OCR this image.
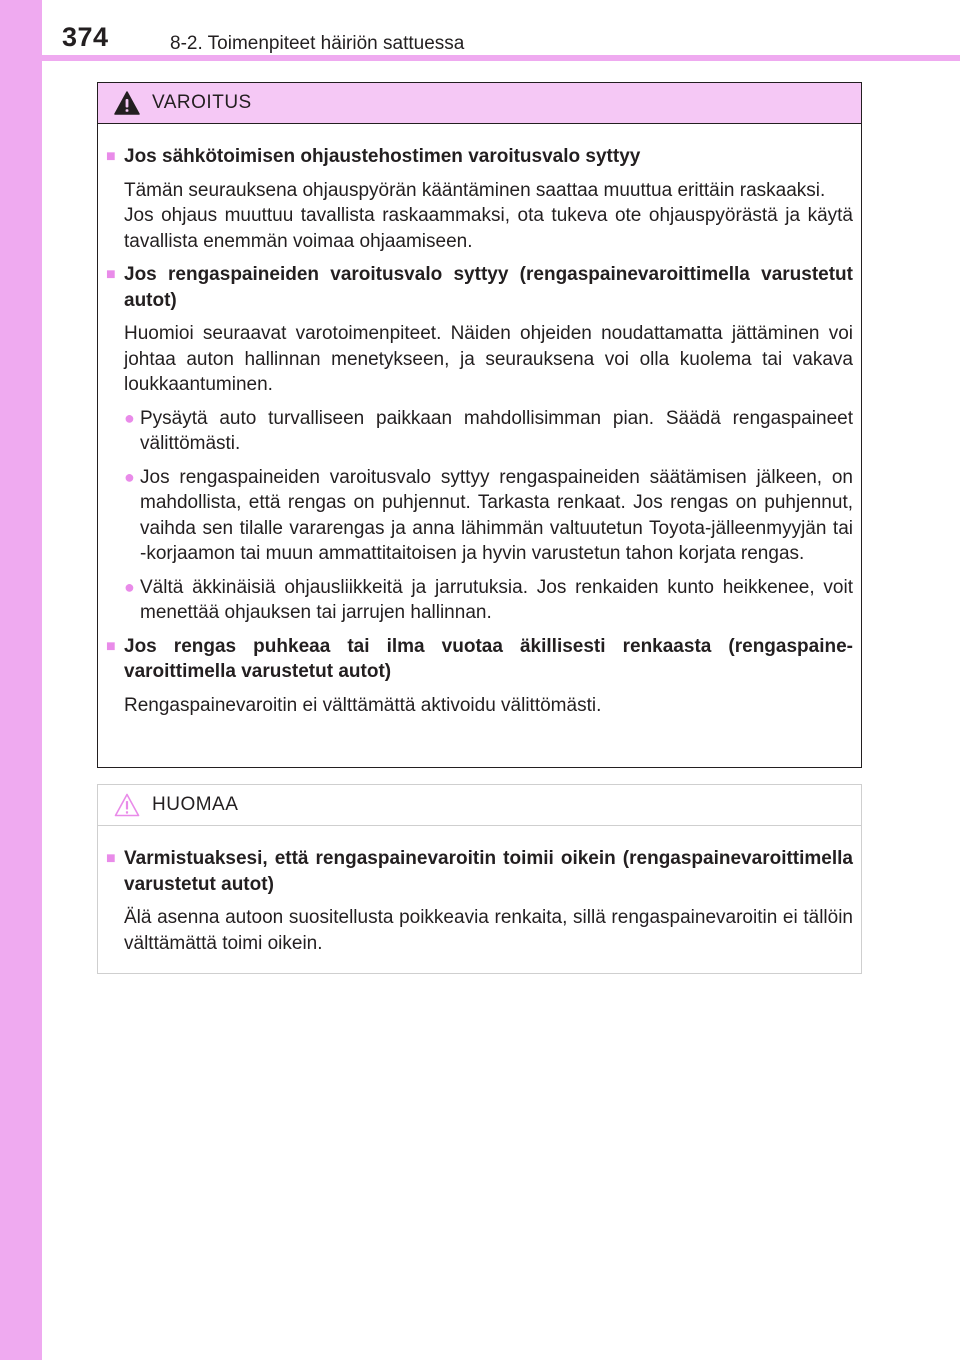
374	8-2. Toimenpiteet häiriön sattuessa
VAROITUS
■ Jos sähkötoimisen ohjaustehostimen varoitusvalo syttyy

Tämän seurauksena ohjauspyörän kääntäminen saattaa muuttua erittäin raskaaksi.

Jos ohjaus muuttuu tavallista raskaammaksi, ota tukeva ote ohjauspyörästä ja käytä tavallista enemmän voimaa ohjaamiseen.

■ Jos rengaspaineiden varoitusvalo syttyy (rengaspainevaroittimella varustetut autot)

Huomioi seuraavat varotoimenpiteet. Näiden ohjeiden noudattamatta jättäminen voi johtaa auton hallinnan menetykseen, ja seurauksena voi olla kuolema tai vakava loukkaantuminen.

● Pysäytä auto turvalliseen paikkaan mahdollisimman pian. Säädä rengaspaineet välittömästi.
● Jos rengaspaineiden varoitusvalo syttyy rengaspaineiden säätämisen jälkeen, on mahdollista, että rengas on puhjennut. Tarkasta renkaat. Jos rengas on puhjennut, vaihda sen tilalle vararengas ja anna lähimmän valtuutetun Toyota-jälleenmyyjän tai -korjaamon tai muun ammattitaitoisen ja hyvin varustetun tahon korjata rengas.
● Vältä äkkinäisiä ohjausliikkeitä ja jarrutuksia. Jos renkaiden kunto heikkenee, voit menettää ohjauksen tai jarrujen hallinnan.
■ Jos rengas puhkeaa tai ilma vuotaa äkillisesti renkaasta (rengaspainevaroittimella varustetut autot)

Rengaspainevaroitin ei välttämättä aktivoidu välittömästi.

HUOMAA
■ Varmistuaksesi, että rengaspainevaroitin toimii oikein (rengaspainevaroittimella varustetut autot)

Älä asenna autoon suositellusta poikkeavia renkaita, sillä rengaspainevaroitin ei tällöin välttämättä toimi oikein.
